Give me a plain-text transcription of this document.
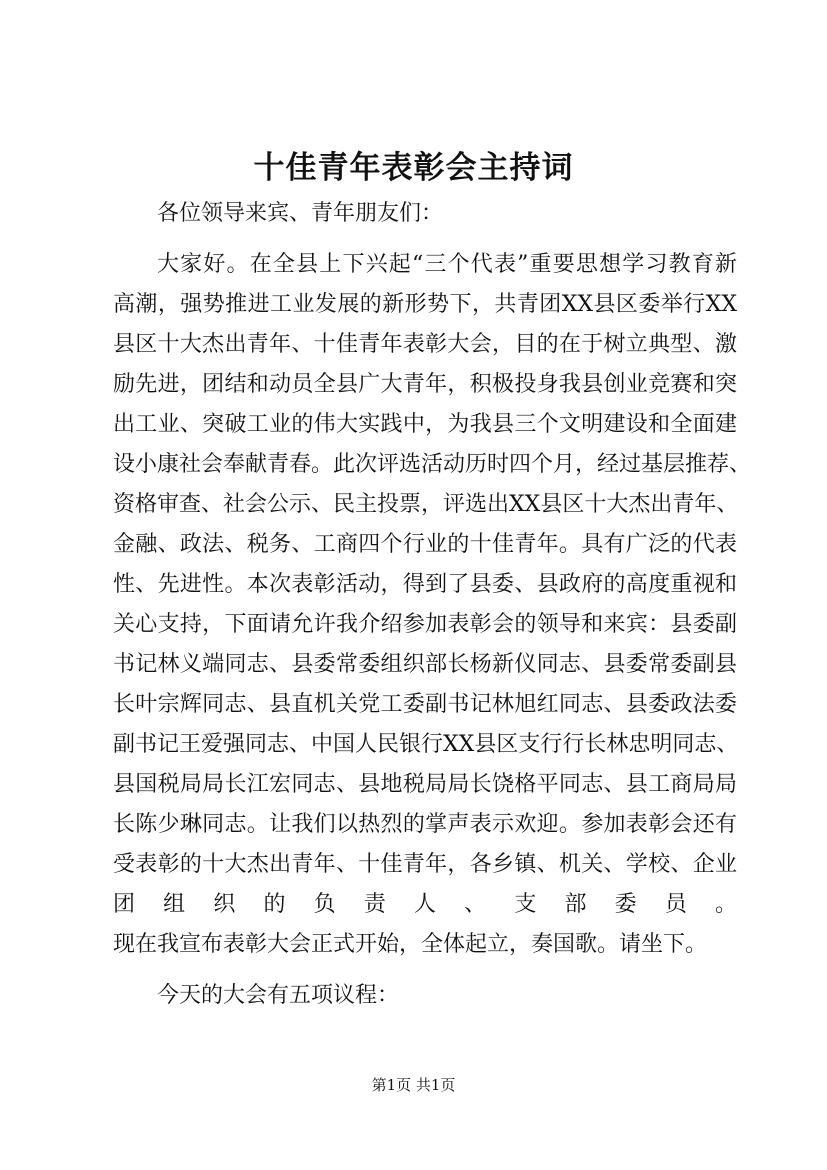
十佳青年表彰会主持词
各位领导来宾、青年朋友们：
大家好。在全县上下兴起“三个代表”重要思想学习教育新
高潮，强势推进工业发展的新形势下，共青团XX县区委举行XX
县区十大杰出青年、十佳青年表彰大会，目的在于树立典型、激
励先进，团结和动员全县广大青年，积极投身我县创业竞赛和突
出工业、突破工业的伟大实践中，为我县三个文明建设和全面建
设小康社会奉献青春。此次评选活动历时四个月，经过基层推荐、
资格审查、社会公示、民主投票，评选出XX县区十大杰出青年、
金融、政法、税务、工商四个行业的十佳青年。具有广泛的代表
性、先进性。本次表彰活动，得到了县委、县政府的高度重视和
关心支持，下面请允许我介绍参加表彰会的领导和来宾：县委副
书记林义端同志、县委常委组织部长杨新仪同志、县委常委副县
长叶宗辉同志、县直机关党工委副书记林旭红同志、县委政法委
副书记王爱强同志、中国人民银行XX县区支行行长林忠明同志、
县国税局局长江宏同志、县地税局局长饶格平同志、县工商局局
长陈少琳同志。让我们以热烈的掌声表示欢迎。参加表彰会还有
受表彰的十大杰出青年、十佳青年，各乡镇、机关、学校、企业
团组织的负责人、支部委员。
现在我宣布表彰大会正式开始，全体起立，奏国歌。请坐下。
今天的大会有五项议程：
第1页 共1页
